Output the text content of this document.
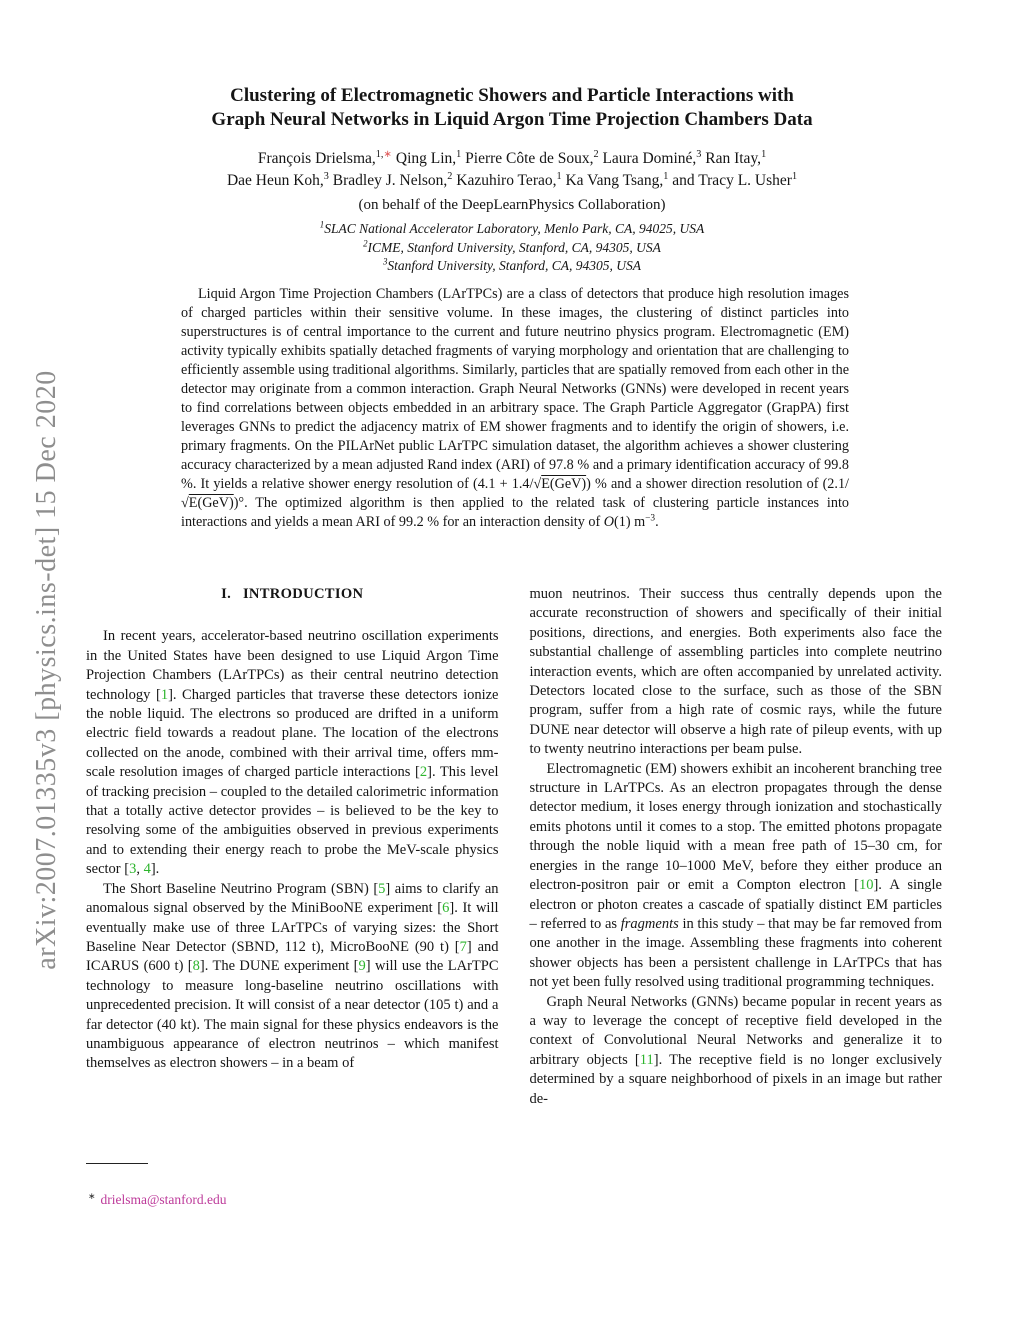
arXiv:2007.01335v3 [physics.ins-det] 15 Dec 2020
Clustering of Electromagnetic Showers and Particle Interactions with
Graph Neural Networks in Liquid Argon Time Projection Chambers Data
François Drielsma,$^{1,∗}$ Qing Lin,$^1$ Pierre Côte de Soux,$^2$ Laura Dominé,$^3$ Ran Itay,$^1$
Dae Heun Koh,$^3$ Bradley J. Nelson,$^2$ Kazuhiro Terao,$^1$ Ka Vang Tsang,$^1$ and Tracy L. Usher$^1$
(on behalf of the DeepLearnPhysics Collaboration)
$^1$SLAC National Accelerator Laboratory, Menlo Park, CA, 94025, USA
$^2$ICME, Stanford University, Stanford, CA, 94305, USA
$^3$Stanford University, Stanford, CA, 94305, USA
Liquid Argon Time Projection Chambers (LArTPCs) are a class of detectors that produce high resolution images of charged particles within their sensitive volume. In these images, the clustering of distinct particles into superstructures is of central importance to the current and future neutrino physics program. Electromagnetic (EM) activity typically exhibits spatially detached fragments of varying morphology and orientation that are challenging to efficiently assemble using traditional algorithms. Similarly, particles that are spatially removed from each other in the detector may originate from a common interaction. Graph Neural Networks (GNNs) were developed in recent years to find correlations between objects embedded in an arbitrary space. The Graph Particle Aggregator (GrapPA) first leverages GNNs to predict the adjacency matrix of EM shower fragments and to identify the origin of showers, i.e. primary fragments. On the PILArNet public LArTPC simulation dataset, the algorithm achieves a shower clustering accuracy characterized by a mean adjusted Rand index (ARI) of 97.8 % and a primary identification accuracy of 99.8 %. It yields a relative shower energy resolution of (4.1 + 1.4/√E(GeV)) % and a shower direction resolution of (2.1/√E(GeV))°. The optimized algorithm is then applied to the related task of clustering particle instances into interactions and yields a mean ARI of 99.2 % for an interaction density of O(1) $m^{-3}$.
I.   INTRODUCTION

In recent years, accelerator-based neutrino oscillation experiments in the United States have been designed to use Liquid Argon Time Projection Chambers (LArTPCs) as their central neutrino detection technology [1]. Charged particles that traverse these detectors ionize the noble liquid. The electrons so produced are drifted in a uniform electric field towards a readout plane. The location of the electrons collected on the anode, combined with their arrival time, offers mm-scale resolution images of charged particle interactions [2]. This level of tracking precision – coupled to the detailed calorimetric information that a totally active detector provides – is believed to be the key to resolving some of the ambiguities observed in previous experiments and to extending their energy reach to probe the MeV-scale physics sector [3, 4].

The Short Baseline Neutrino Program (SBN) [5] aims to clarify an anomalous signal observed by the MiniBooNE experiment [6]. It will eventually make use of three LArTPCs of varying sizes: the Short Baseline Near Detector (SBND, 112 t), MicroBooNE (90 t) [7] and ICARUS (600 t) [8]. The DUNE experiment [9] will use the LArTPC technology to measure long-baseline neutrino oscillations with unprecedented precision. It will consist of a near detector (105 t) and a far detector (40 kt). The main signal for these physics endeavors is the unambiguous appearance of electron neutrinos – which manifest themselves as electron showers – in a beam of

muon neutrinos. Their success thus centrally depends upon the accurate reconstruction of showers and specifically of their initial positions, directions, and energies. Both experiments also face the substantial challenge of assembling particles into complete neutrino interaction events, which are often accompanied by unrelated activity. Detectors located close to the surface, such as those of the SBN program, suffer from a high rate of cosmic rays, while the future DUNE near detector will observe a high rate of pileup events, with up to twenty neutrino interactions per beam pulse.

Electromagnetic (EM) showers exhibit an incoherent branching tree structure in LArTPCs. As an electron propagates through the dense detector medium, it loses energy through ionization and stochastically emits photons until it comes to a stop. The emitted photons propagate through the noble liquid with a mean free path of 15–30 cm, for energies in the range 10–1000 MeV, before they either produce an electron-positron pair or emit a Compton electron [10]. A single electron or photon creates a cascade of spatially distinct EM particles – referred to as fragments in this study – that may be far removed from one another in the image. Assembling these fragments into coherent shower objects has been a persistent challenge in LArTPCs that has not yet been fully resolved using traditional programming techniques.

Graph Neural Networks (GNNs) became popular in recent years as a way to leverage the concept of receptive field developed in the context of Convolutional Neural Networks and generalize it to arbitrary objects [11]. The receptive field is no longer exclusively determined by a square neighborhood of pixels in an image but rather de-

∗ drielsma@stanford.edu
